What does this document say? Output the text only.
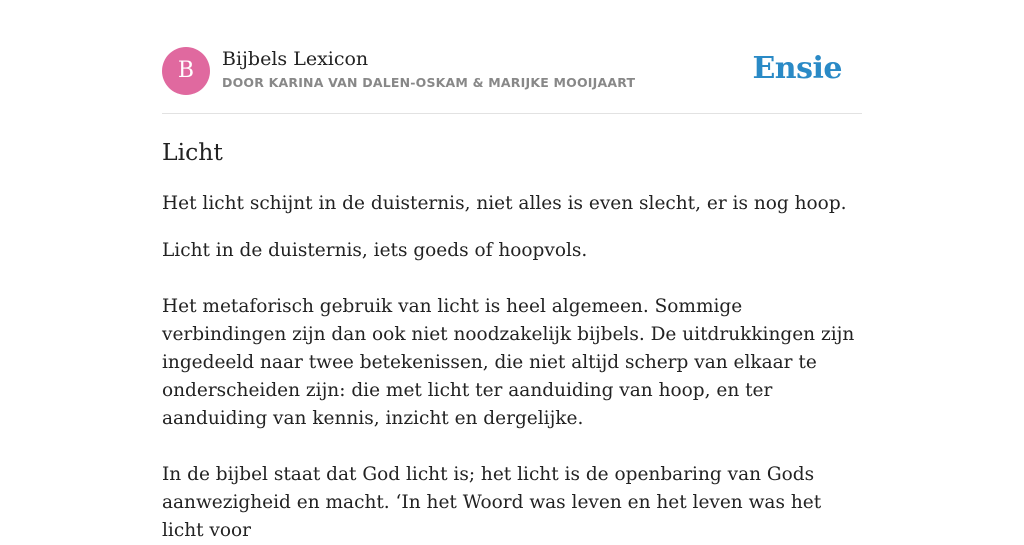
B	Bijbels Lexicon
DOOR KARINA VAN DALEN-OSKAM & MARIJKE MOOIJAART	Ensie
Licht

Het licht schijnt in de duisternis, niet alles is even slecht, er is nog hoop.

Licht in de duisternis, iets goeds of hoopvols.

Het metaforisch gebruik van licht is heel algemeen. Sommige verbindingen zijn dan ook niet noodzakelijk bijbels. De uitdrukkingen zijn ingedeeld naar twee betekenissen, die niet altijd scherp van elkaar te onderscheiden zijn: die met licht ter aanduiding van hoop, en ter aanduiding van kennis, inzicht en dergelijke.

In de bijbel staat dat God licht is; het licht is de openbaring van Gods aanwezigheid en macht. ‘In het Woord was leven en het leven was het licht voor
